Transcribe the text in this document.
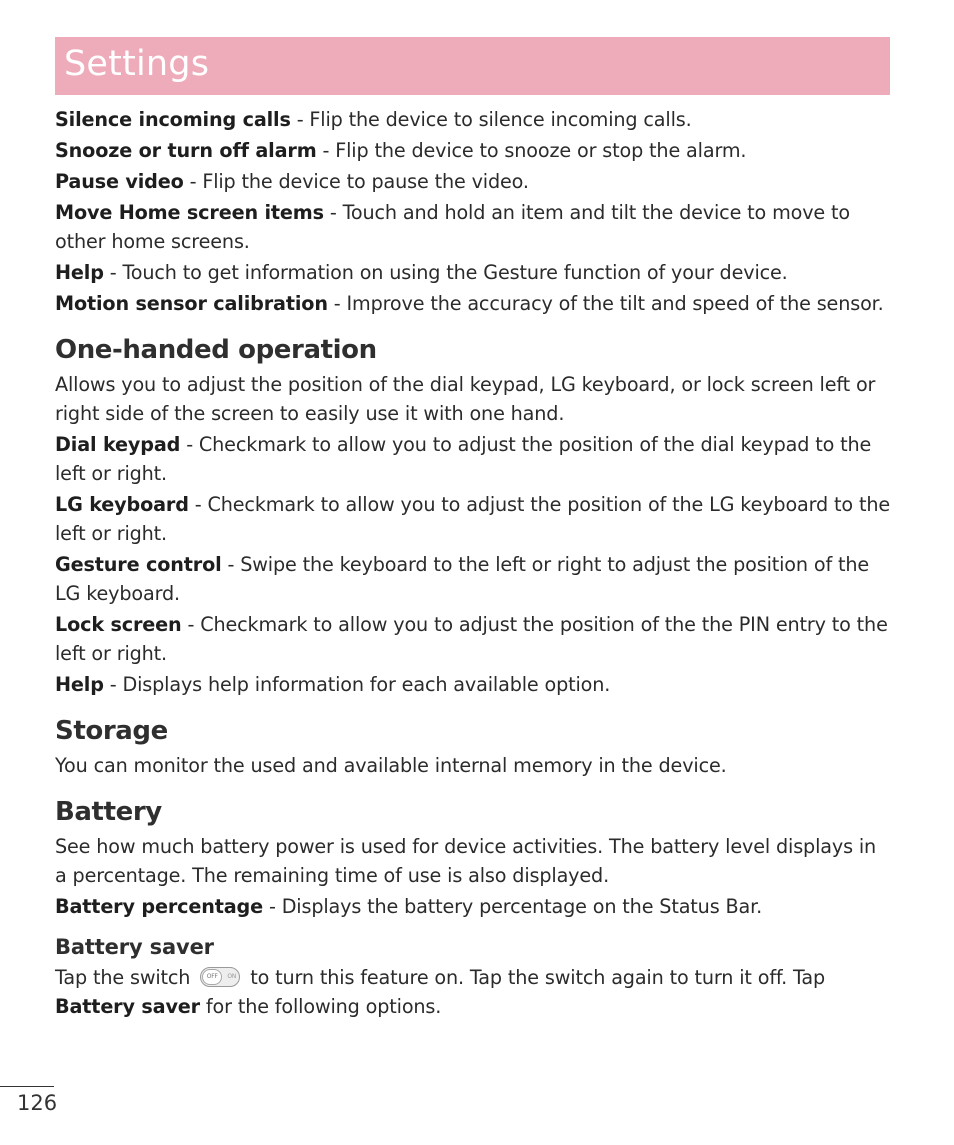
Settings

Silence incoming calls - Flip the device to silence incoming calls.

Snooze or turn off alarm - Flip the device to snooze or stop the alarm.

Pause video - Flip the device to pause the video.

Move Home screen items - Touch and hold an item and tilt the device to move to other home screens.

Help - Touch to get information on using the Gesture function of your device.

Motion sensor calibration - Improve the accuracy of the tilt and speed of the sensor.

One-handed operation

Allows you to adjust the position of the dial keypad, LG keyboard, or lock screen left or right side of the screen to easily use it with one hand.

Dial keypad - Checkmark to allow you to adjust the position of the dial keypad to the left or right.

LG keyboard - Checkmark to allow you to adjust the position of the LG keyboard to the left or right.

Gesture control - Swipe the keyboard to the left or right to adjust the position of the LG keyboard.

Lock screen - Checkmark to allow you to adjust the position of the the PIN entry to the left or right.

Help - Displays help information for each available option.

Storage

You can monitor the used and available internal memory in the device.

Battery

See how much battery power is used for device activities. The battery level displays in a percentage. The remaining time of use is also displayed.

Battery percentage - Displays the battery percentage on the Status Bar.

Battery saver

Tap the switch	OFF	ON to turn this feature on. Tap the switch again to turn it off. Tap Battery saver for the following options.

126
